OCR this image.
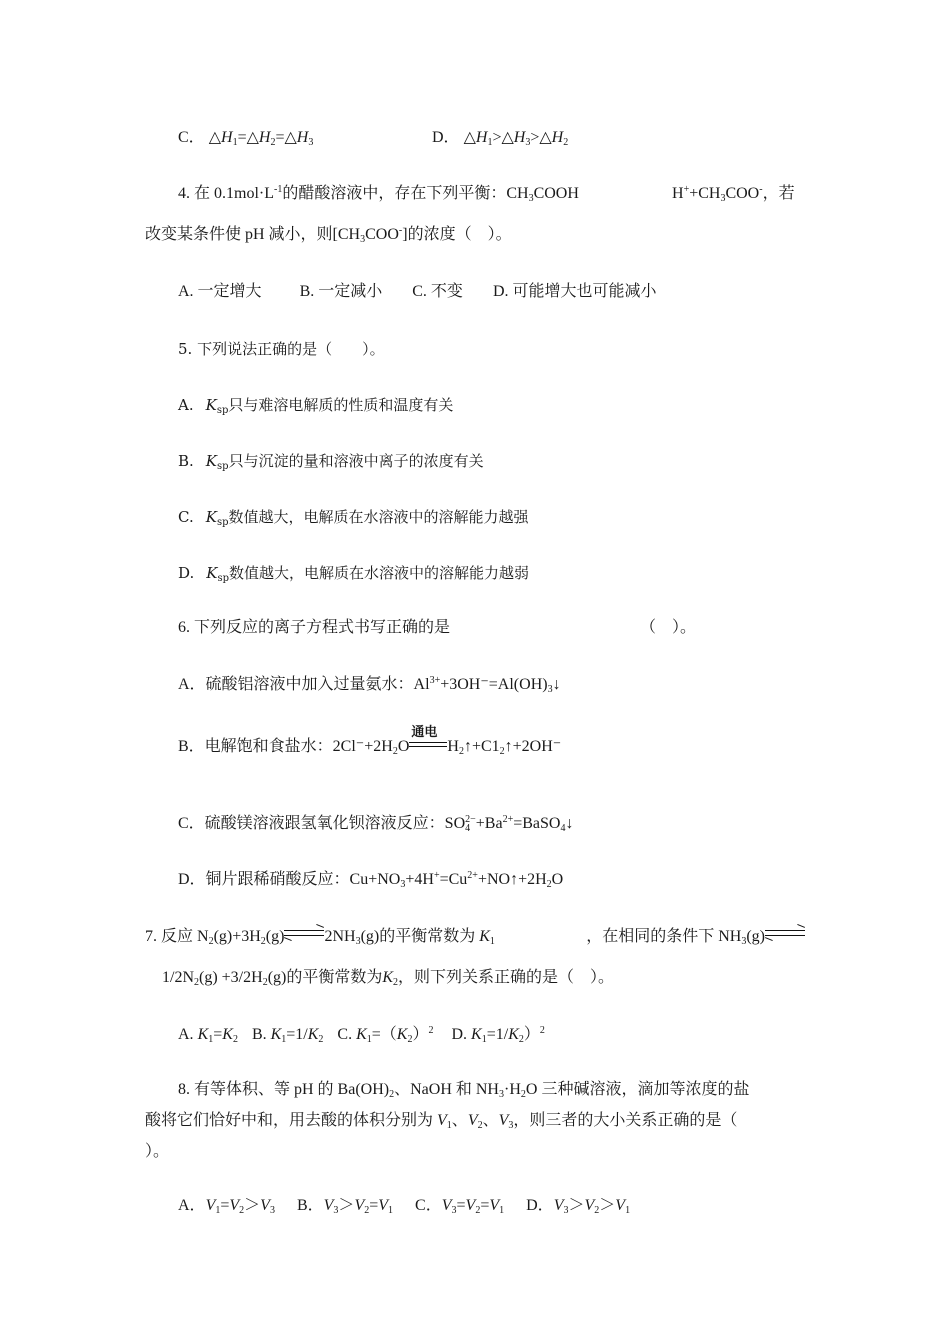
C． $\triangle H_1=\triangle H_2=\triangle H_3$	D． $\triangle H_1>\triangle H_3>\triangle H_2$
4. 在 $0.1mol\cdot L^{-1}$的醋酸溶液中，存在下列平衡：$CH_3COOH$	$H^++CH_3COO^-$，若
改变某条件使 pH 减小，则$[CH_3COO^-]$的浓度（　）。
A. 一定增大 B. 一定减小 C. 不变 D. 可能增大也可能减小
5. 下列说法正确的是（　　）。
A. $K_{sp}$只与难溶电解质的性质和温度有关
B. $K_{sp}$只与沉淀的量和溶液中离子的浓度有关
C. $K_{sp}$数值越大，电解质在水溶液中的溶解能力越强
D. $K_{sp}$数值越大，电解质在水溶液中的溶解能力越弱
6. 下列反应的离子方程式书写正确的是	（　）。
A．硫酸铝溶液中加入过量氨水：$Al^{3+}+3OH^-=Al(OH)_3↓$
B．电解饱和食盐水：$2Cl^-+2H_2O$
通电
$H_2↑+C1_2↑+2OH^-$
C．硫酸镁溶液跟氢氧化钡溶液反应：$SO_4^{2-}+Ba^{2+}=BaSO_4↓$
D．铜片跟稀硝酸反应：$Cu+NO_3+4H^+=Cu^{2+}+NO↑+2H_2O$
7. 反应 $N_2(g)+3H_2(g)$	$2NH_3(g)$的平衡常数为 $K_1$	，在相同的条件下 $NH_3(g)$
$1/2N_2(g) +3/2H_2(g)$的平衡常数为$K_2$，则下列关系正确的是（　）。
A. $K_1=K_2$ B. $K_1=1/K_2$ C. $K_1=(K_2)^2$ D. $K_1=1/K_2)^2$
8. 有等体积、等 pH 的 $Ba(OH)_2$、NaOH 和 $NH_3\cdot H_2O$ 三种碱溶液，滴加等浓度的盐
酸将它们恰好中和，用去酸的体积分别为 $V_1$、$V_2$、$V_3$，则三者的大小关系正确的是（
）。
A．$V_1=V_2>V_3$ B．$V_3>V_2=V_1$ C．$V_3=V_2=V_1$ D．$V_3>V_2>V_1$
